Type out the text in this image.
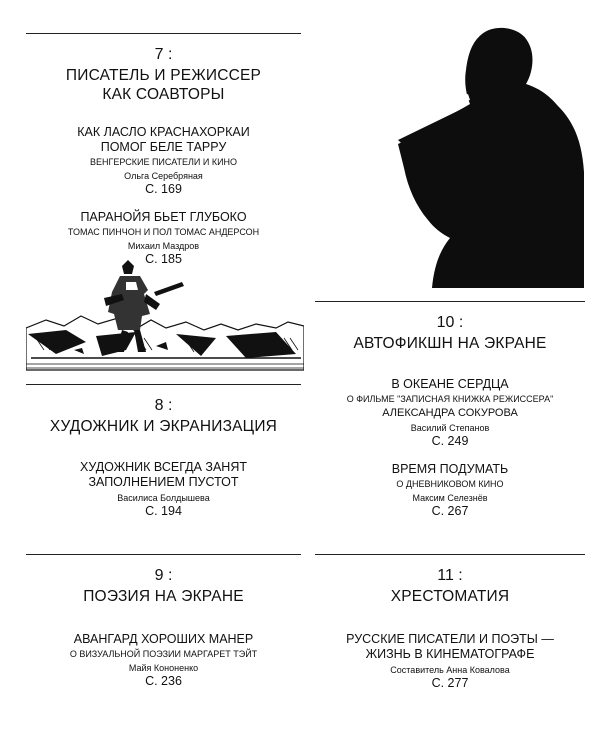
7 :
ПИСАТЕЛЬ И РЕЖИССЕР
КАК СОАВТОРЫ
КАК ЛАСЛО КРАСНАХОРКАИ
ПОМОГ БЕЛЕ ТАРРУ
ВЕНГЕРСКИЕ ПИСАТЕЛИ И КИНО
Ольга Серебряная
С. 169
ПАРАНОЙЯ БЬЕТ ГЛУБОКО
ТОМАС ПИНЧОН И ПОЛ ТОМАС АНДЕРСОН
Михаил Маздров
С. 185
8 :
ХУДОЖНИК И ЭКРАНИЗАЦИЯ
ХУДОЖНИК ВСЕГДА ЗАНЯТ
ЗАПОЛНЕНИЕМ ПУСТОТ
Василиса Болдышева
С. 194
9 :
ПОЭЗИЯ НА ЭКРАНЕ
АВАНГАРД ХОРОШИХ МАНЕР
О ВИЗУАЛЬНОЙ ПОЭЗИИ МАРГАРЕТ ТЭЙТ
Майя Кононенко
С. 236
10 :
АВТОФИКШН НА ЭКРАНЕ
В ОКЕАНЕ СЕРДЦА
О ФИЛЬМЕ "ЗАПИСНАЯ КНИЖКА РЕЖИССЕРА"
АЛЕКСАНДРА СОКУРОВА
Василий Степанов
С. 249
ВРЕМЯ ПОДУМАТЬ
О ДНЕВНИКОВОМ КИНО
Максим Селезнёв
С. 267
11 :
ХРЕСТОМАТИЯ
РУССКИЕ ПИСАТЕЛИ И ПОЭТЫ —
ЖИЗНЬ В КИНЕМАТОГРАФЕ
Составитель Анна Ковалова
С. 277
